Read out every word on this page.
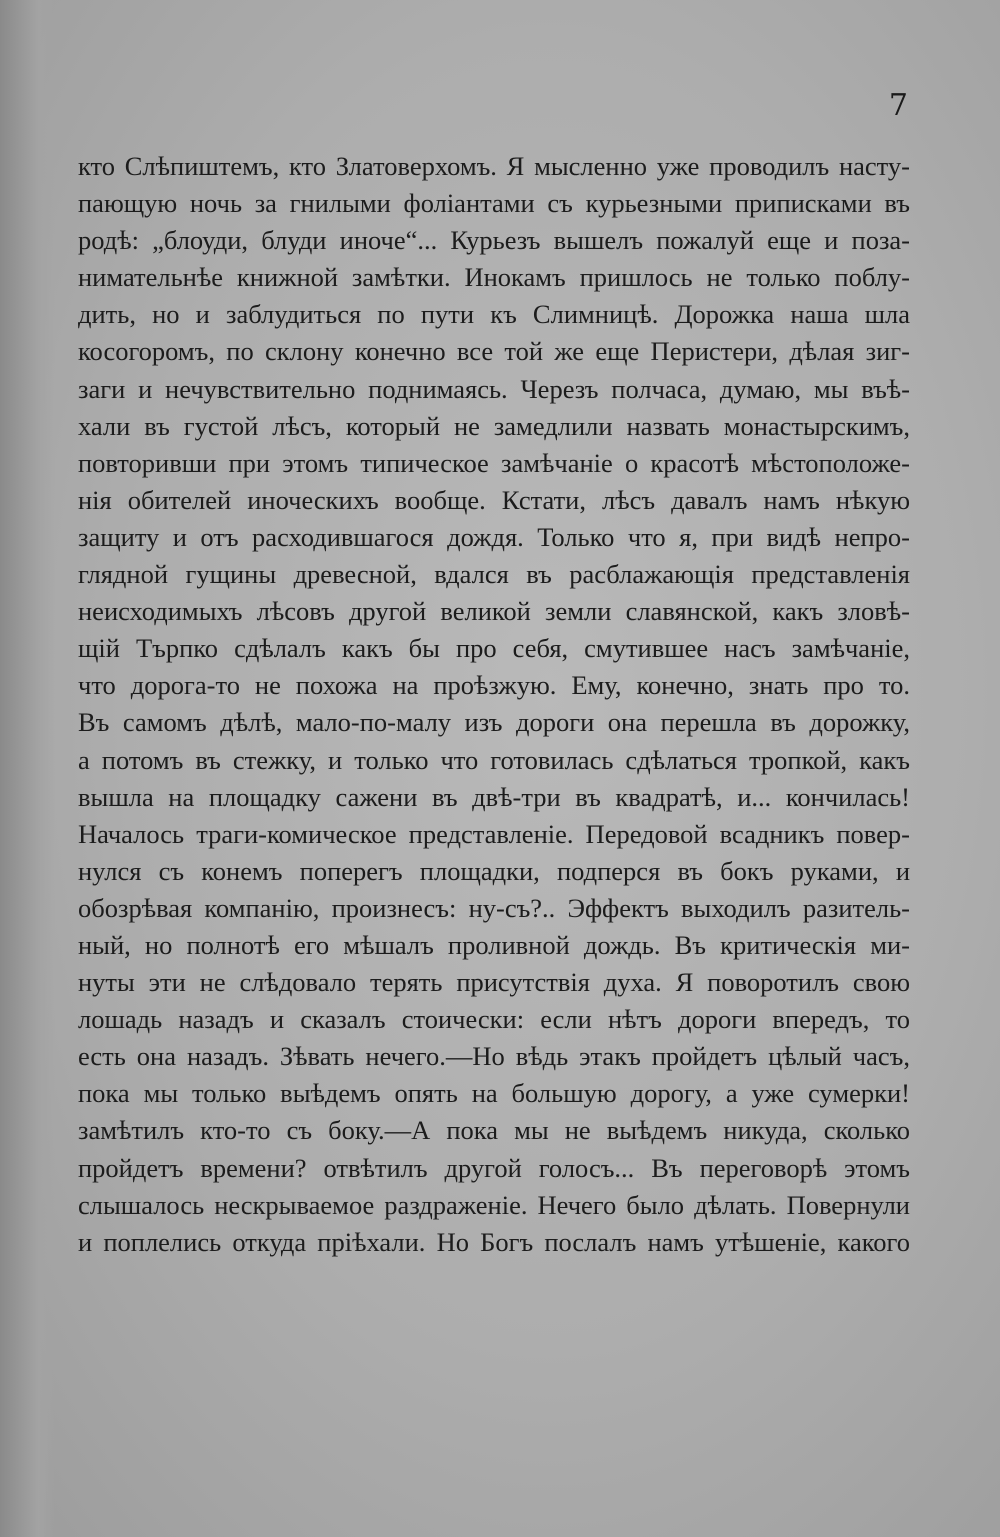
7
кто Слѣпиштемъ, кто Златоверхомъ. Я мысленно уже проводилъ насту-
пающую ночь за гнилыми фоліантами съ курьезными приписками въ
родѣ: „блоуди, блуди иноче“... Курьезъ вышелъ пожалуй еще и поза-
нимательнѣе книжной замѣтки. Инокамъ пришлось не только поблу-
дить, но и заблудиться по пути къ Слимницѣ. Дорожка наша шла
косогоромъ, по склону конечно все той же еще Перистери, дѣлая зиг-
заги и нечувствительно поднимаясь. Черезъ полчаса, думаю, мы въѣ-
хали въ густой лѣсъ, который не замедлили назвать монастырскимъ,
повторивши при этомъ типическое замѣчаніе о красотѣ мѣстоположе-
нія обителей иноческихъ вообще. Кстати, лѣсъ давалъ намъ нѣкую
защиту и отъ расходившагося дождя. Только что я, при видѣ непро-
глядной гущины древесной, вдался въ расблажающія представленія
неисходимыхъ лѣсовъ другой великой земли славянской, какъ зловѣ-
щій Търпко сдѣлалъ какъ бы про себя, смутившее насъ замѣчаніе,
что дорога-то не похожа на проѣзжую. Ему, конечно, знать про то.
Въ самомъ дѣлѣ, мало-по-малу изъ дороги она перешла въ дорожку,
а потомъ въ стежку, и только что готовилась сдѣлаться тропкой, какъ
вышла на площадку сажени въ двѣ-три въ квадратѣ, и... кончилась!
Началось траги-комическое представленіе. Передовой всадникъ повер-
нулся съ конемъ поперегъ площадки, подперся въ бокъ руками, и
обозрѣвая компанію, произнесъ: ну-съ?.. Эффектъ выходилъ разитель-
ный, но полнотѣ его мѣшалъ проливной дождь. Въ критическія ми-
нуты эти не слѣдовало терять присутствія духа. Я поворотилъ свою
лошадь назадъ и сказалъ стоически: если нѣтъ дороги впередъ, то
есть она назадъ. Зѣвать нечего.—Но вѣдь этакъ пройдетъ цѣлый часъ,
пока мы только выѣдемъ опять на большую дорогу, а уже сумерки!
замѣтилъ кто-то съ боку.—А пока мы не выѣдемъ никуда, сколько
пройдетъ времени? отвѣтилъ другой голосъ... Въ переговорѣ этомъ
слышалось нескрываемое раздраженіе. Нечего было дѣлать. Повернули
и поплелись откуда пріѣхали. Но Богъ послалъ намъ утѣшеніе, какого
